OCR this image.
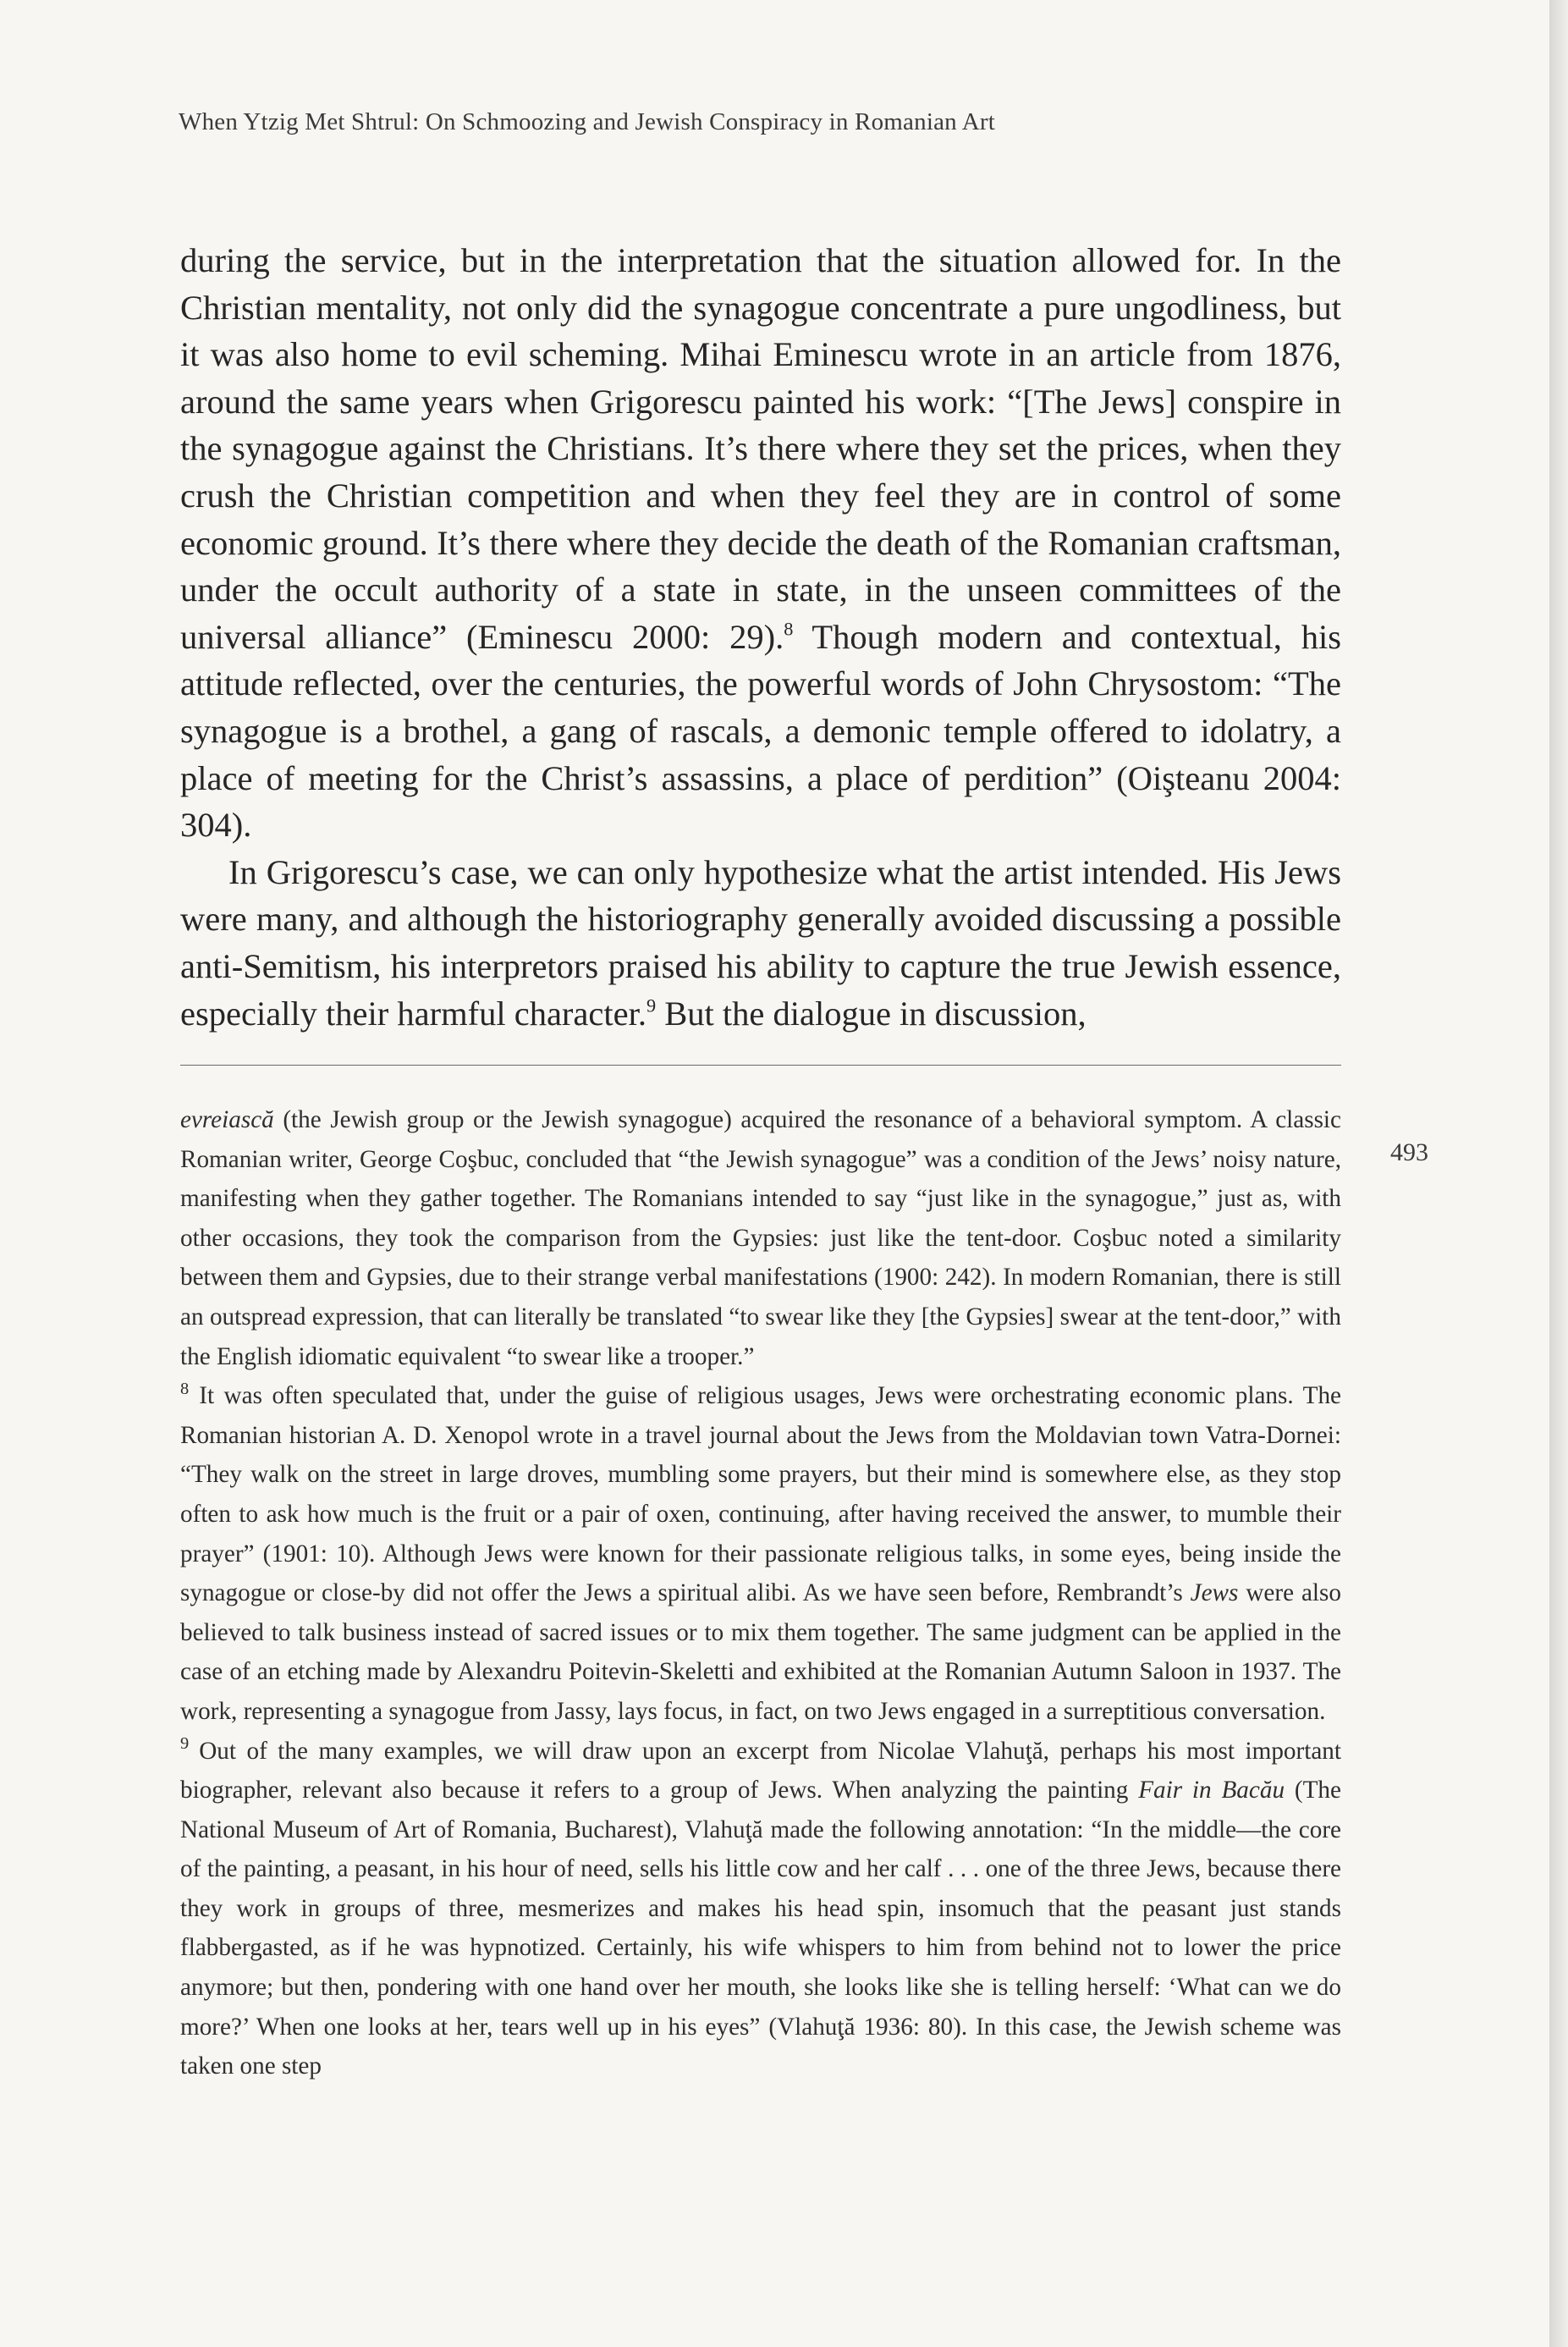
When Ytzig Met Shtrul: On Schmoozing and Jewish Conspiracy in Romanian Art

during the service, but in the interpretation that the situation allowed for. In the Christian mentality, not only did the synagogue concentrate a pure ungodliness, but it was also home to evil scheming. Mihai Eminescu wrote in an article from 1876, around the same years when Grigorescu painted his work: “[The Jews] conspire in the synagogue against the Christians. It’s there where they set the prices, when they crush the Christian competition and when they feel they are in control of some economic ground. It’s there where they decide the death of the Romanian craftsman, under the occult authority of a state in state, in the unseen committees of the universal alliance” (Eminescu 2000: 29).$^8$ Though modern and contextual, his attitude reflected, over the centuries, the powerful words of John Chrysostom: “The synagogue is a brothel, a gang of rascals, a demonic temple offered to idolatry, a place of meeting for the Christ’s assassins, a place of perdition” (Oişteanu 2004: 304).

In Grigorescu’s case, we can only hypothesize what the artist intended. His Jews were many, and although the historiography generally avoided discussing a possible anti-Semitism, his interpretors praised his ability to capture the true Jewish essence, especially their harmful character.$^9$ But the dialogue in discussion,

493

evreiască (the Jewish group or the Jewish synagogue) acquired the resonance of a behavioral symptom. A classic Romanian writer, George Coşbuc, concluded that “the Jewish synagogue” was a condition of the Jews’ noisy nature, manifesting when they gather together. The Romanians intended to say “just like in the synagogue,” just as, with other occasions, they took the comparison from the Gypsies: just like the tent-door. Coşbuc noted a similarity between them and Gypsies, due to their strange verbal manifestations (1900: 242). In modern Romanian, there is still an outspread expression, that can literally be translated “to swear like they [the Gypsies] swear at the tent-door,” with the English idiomatic equivalent “to swear like a trooper.”

$^8$ It was often speculated that, under the guise of religious usages, Jews were orchestrating economic plans. The Romanian historian A. D. Xenopol wrote in a travel journal about the Jews from the Moldavian town Vatra-Dornei: “They walk on the street in large droves, mumbling some prayers, but their mind is somewhere else, as they stop often to ask how much is the fruit or a pair of oxen, continuing, after having received the answer, to mumble their prayer” (1901: 10). Although Jews were known for their passionate religious talks, in some eyes, being inside the synagogue or close-by did not offer the Jews a spiritual alibi. As we have seen before, Rembrandt’s Jews were also believed to talk business instead of sacred issues or to mix them together. The same judgment can be applied in the case of an etching made by Alexandru Poitevin-Skeletti and exhibited at the Romanian Autumn Saloon in 1937. The work, representing a synagogue from Jassy, lays focus, in fact, on two Jews engaged in a surreptitious conversation.

$^9$ Out of the many examples, we will draw upon an excerpt from Nicolae Vlahuţă, perhaps his most important biographer, relevant also because it refers to a group of Jews. When analyzing the painting Fair in Bacău (The National Museum of Art of Romania, Bucharest), Vlahuţă made the following annotation: “In the middle—the core of the painting, a peasant, in his hour of need, sells his little cow and her calf . . . one of the three Jews, because there they work in groups of three, mesmerizes and makes his head spin, insomuch that the peasant just stands flabbergasted, as if he was hypnotized. Certainly, his wife whispers to him from behind not to lower the price anymore; but then, pondering with one hand over her mouth, she looks like she is telling herself: ‘What can we do more?’ When one looks at her, tears well up in his eyes” (Vlahuţă 1936: 80). In this case, the Jewish scheme was taken one step
